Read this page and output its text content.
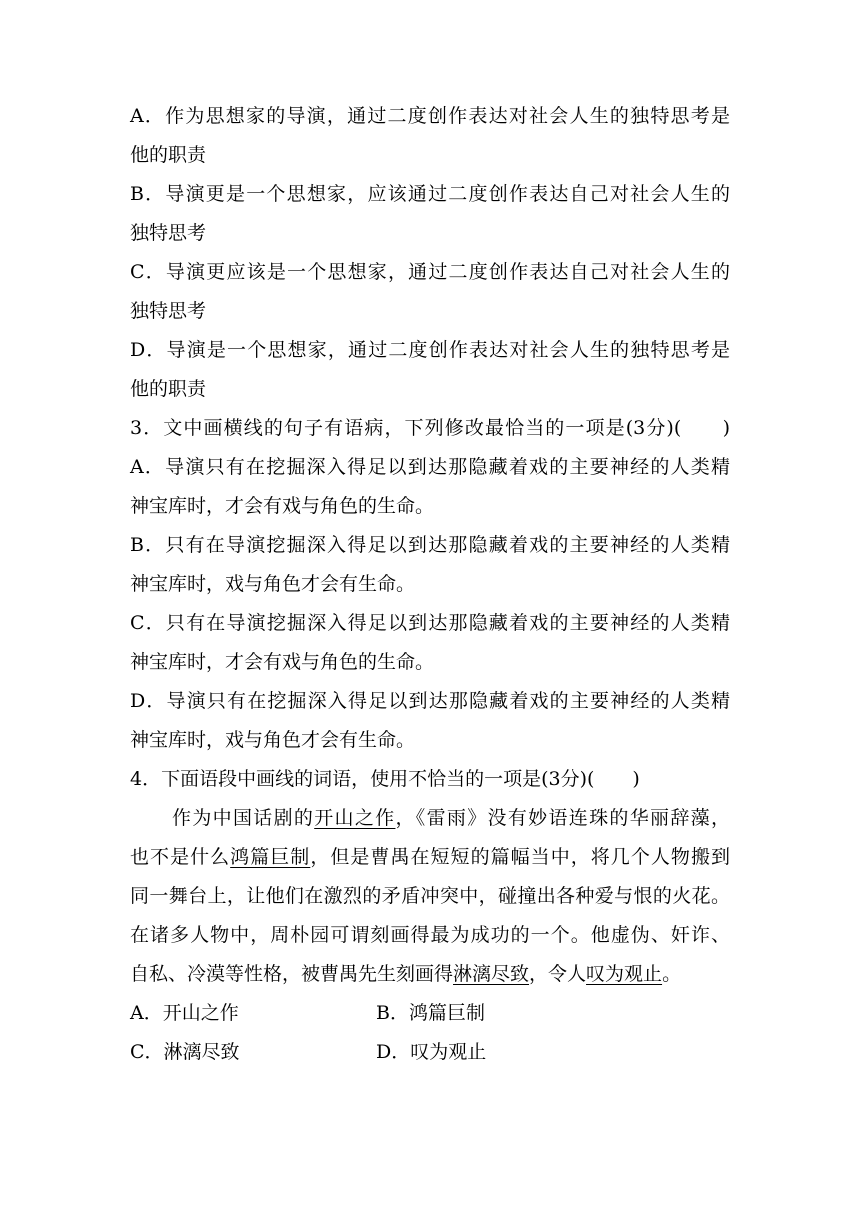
A．作为思想家的导演，通过二度创作表达对社会人生的独特思考是
他的职责
B．导演更是一个思想家，应该通过二度创作表达自己对社会人生的
独特思考
C．导演更应该是一个思想家，通过二度创作表达自己对社会人生的
独特思考
D．导演是一个思想家，通过二度创作表达对社会人生的独特思考是
他的职责
3．文中画横线的句子有语病，下列修改最恰当的一项是(3分)(　　)
A．导演只有在挖掘深入得足以到达那隐藏着戏的主要神经的人类精
神宝库时，才会有戏与角色的生命。
B．只有在导演挖掘深入得足以到达那隐藏着戏的主要神经的人类精
神宝库时，戏与角色才会有生命。
C．只有在导演挖掘深入得足以到达那隐藏着戏的主要神经的人类精
神宝库时，才会有戏与角色的生命。
D．导演只有在挖掘深入得足以到达那隐藏着戏的主要神经的人类精
神宝库时，戏与角色才会有生命。
4．下面语段中画线的词语，使用不恰当的一项是(3分)(　　)
作为中国话剧的开山之作，《雷雨》没有妙语连珠的华丽辞藻，
也不是什么鸿篇巨制，但是曹禺在短短的篇幅当中，将几个人物搬到
同一舞台上，让他们在激烈的矛盾冲突中，碰撞出各种爱与恨的火花。
在诸多人物中，周朴园可谓刻画得最为成功的一个。他虚伪、奸诈、
自私、冷漠等性格，被曹禺先生刻画得淋漓尽致，令人叹为观止。
A．开山之作	B．鸿篇巨制
C．淋漓尽致	D．叹为观止
